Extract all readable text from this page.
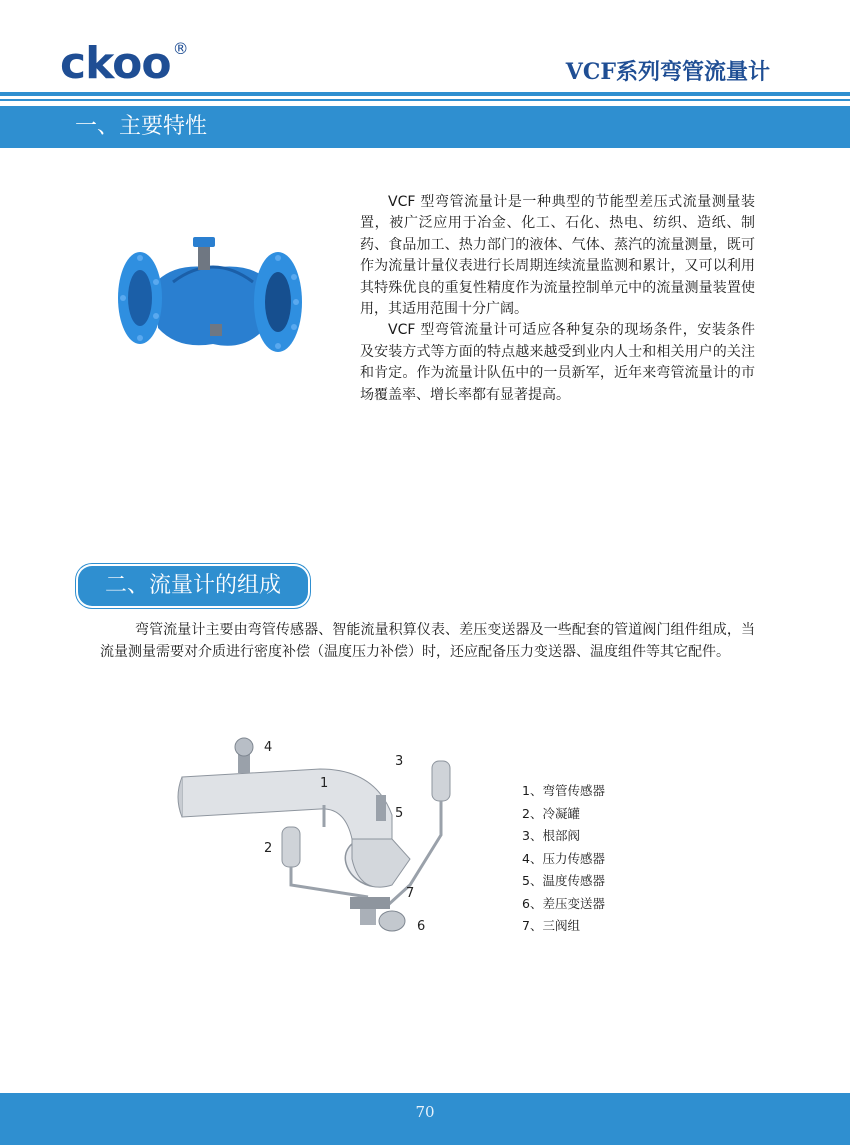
ckoo ®
VCF系列弯管流量计
一、主要特性

VCF 型弯管流量计是一种典型的节能型差压式流量测量装置，被广泛应用于冶金、化工、石化、热电、纺织、造纸、制药、食品加工、热力部门的液体、气体、蒸汽的流量测量，既可作为流量计量仪表进行长周期连续流量监测和累计，又可以利用其特殊优良的重复性精度作为流量控制单元中的流量测量装置使用，其适用范围十分广阔。

VCF 型弯管流量计可适应各种复杂的现场条件，安装条件及安装方式等方面的特点越来越受到业内人士和相关用户的关注和肯定。作为流量计队伍中的一员新军，近年来弯管流量计的市场覆盖率、增长率都有显著提高。

二、流量计的组成

弯管流量计主要由弯管传感器、智能流量积算仪表、差压变送器及一些配套的管道阀门组件组成，当流量测量需要对介质进行密度补偿（温度压力补偿）时，还应配备压力变送器、温度组件等其它配件。

1
2
3
4
5
6
7
1、弯管传感器
2、冷凝罐
3、根部阀
4、压力传感器
5、温度传感器
6、差压变送器
7、三阀组
70
